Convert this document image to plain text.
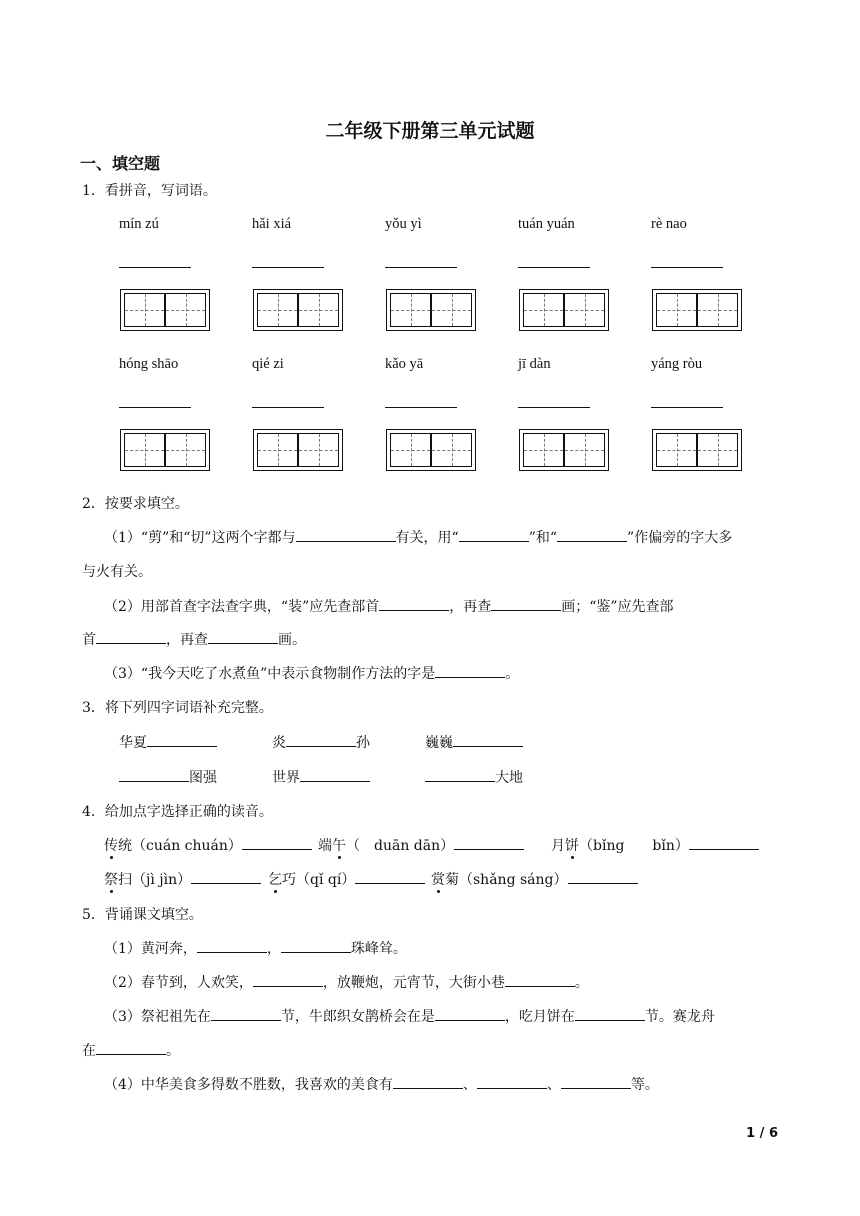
二年级下册第三单元试题
一、填空题
1．看拼音，写词语。
mín zú	hǎi xiá	yǒu yì	tuán yuán	rè nao
hóng shāo	qié zi	kǎo yā	jī dàn	yáng ròu
2．按要求填空。
（1）“剪”和“切”这两个字都与	有关，用“	”和“	”作偏旁的字大多
与火有关。
（2）用部首查字法查字典，“装”应先查部首	，再查	画；“鉴”应先查部
首	，再查	画。
（3）“我今天吃了水煮鱼”中表示食物制作方法的字是	。
3．将下列四字词语补充完整。
华夏	炎	孙	巍巍
图强	世界	大地
4．给加点字选择正确的读音。
传统（cuán chuán）	端午（　duān dān）	月饼（bǐng　　bǐn）
祭扫（jì jìn）	乞巧（qǐ qí）	赏菊（shǎng sáng）
5．背诵课文填空。
（1）黄河奔，	，	珠峰耸。
（2）春节到，人欢笑，	，放鞭炮，元宵节，大街小巷	。
（3）祭祀祖先在	节，牛郎织女鹊桥会在是	，吃月饼在	节。赛龙舟
在	。
（4）中华美食多得数不胜数，我喜欢的美食有	、	、	等。
1 / 6
